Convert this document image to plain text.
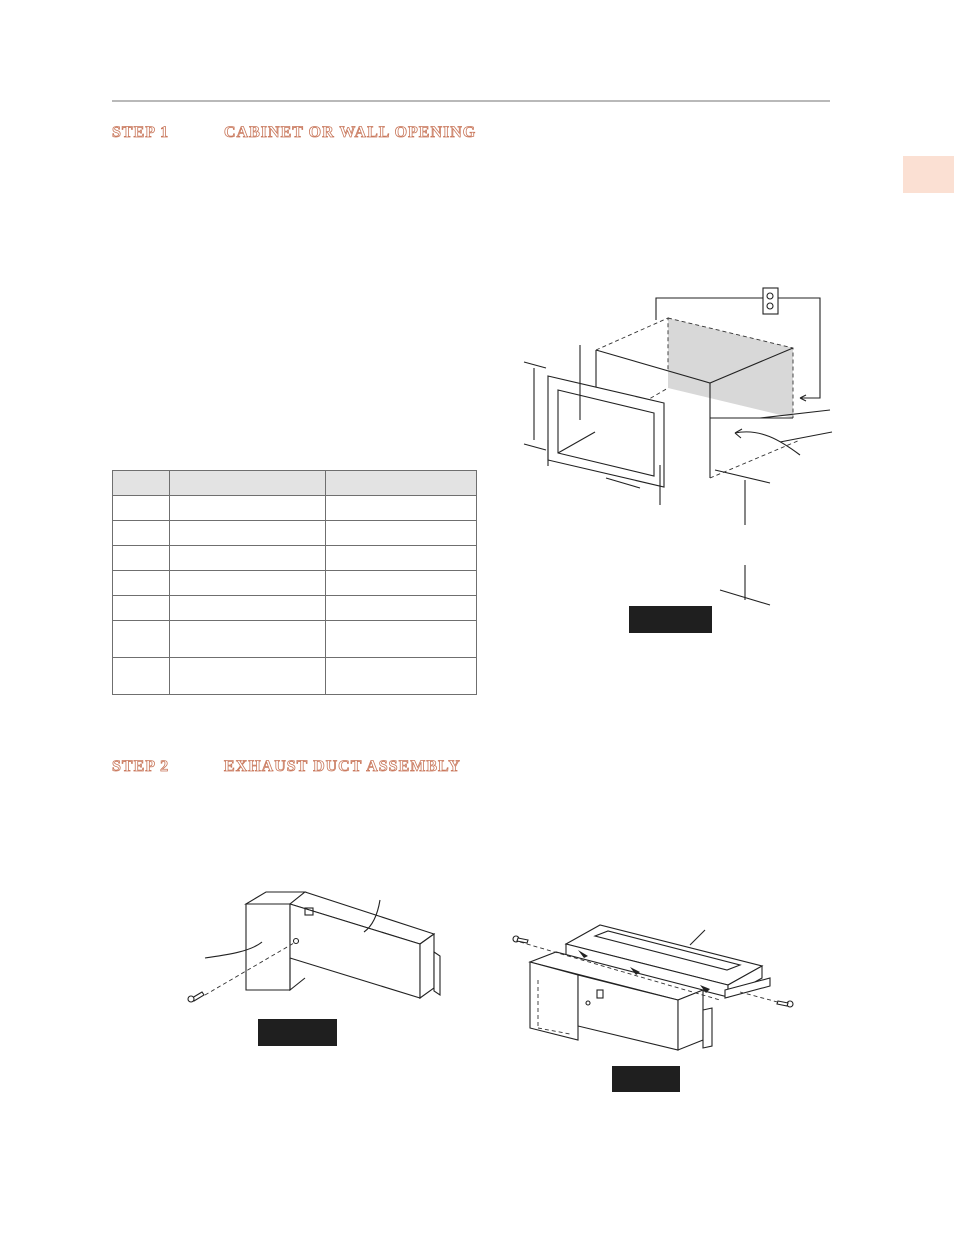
STEP 1	CABINET OR WALL OPENING

STEP 2	EXHAUST DUCT ASSEMBLY
